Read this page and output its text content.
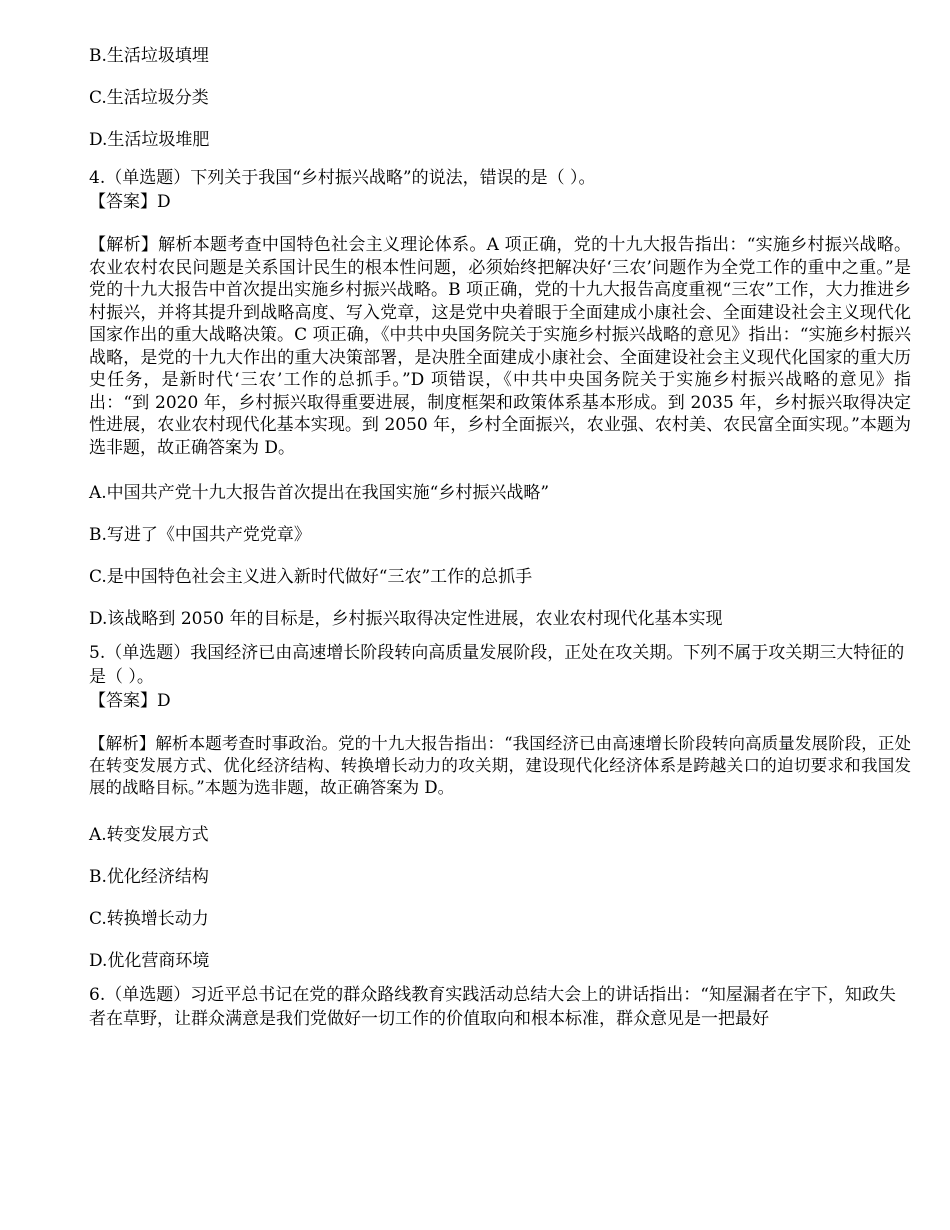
B.生活垃圾填埋

C.生活垃圾分类

D.生活垃圾堆肥

4.（单选题）下列关于我国“乡村振兴战略”的说法，错误的是（ ）。

【答案】D

【解析】解析本题考查中国特色社会主义理论体系。A 项正确，党的十九大报告指出：“实施乡村振兴战略。农业农村农民问题是关系国计民生的根本性问题，必须始终把解决好‘三农’问题作为全党工作的重中之重。”是党的十九大报告中首次提出实施乡村振兴战略。B 项正确，党的十九大报告高度重视“三农”工作，大力推进乡村振兴，并将其提升到战略高度、写入党章，这是党中央着眼于全面建成小康社会、全面建设社会主义现代化国家作出的重大战略决策。C 项正确，《中共中央国务院关于实施乡村振兴战略的意见》指出：“实施乡村振兴战略，是党的十九大作出的重大决策部署，是决胜全面建成小康社会、全面建设社会主义现代化国家的重大历史任务，是新时代‘三农’工作的总抓手。”D 项错误，《中共中央国务院关于实施乡村振兴战略的意见》指出：“到 2020 年，乡村振兴取得重要进展，制度框架和政策体系基本形成。到 2035 年，乡村振兴取得决定性进展，农业农村现代化基本实现。到 2050 年，乡村全面振兴，农业强、农村美、农民富全面实现。”本题为选非题，故正确答案为 D。

A.中国共产党十九大报告首次提出在我国实施“乡村振兴战略”

B.写进了《中国共产党党章》

C.是中国特色社会主义进入新时代做好“三农”工作的总抓手

D.该战略到 2050 年的目标是，乡村振兴取得决定性进展，农业农村现代化基本实现

5.（单选题）我国经济已由高速增长阶段转向高质量发展阶段，正处在攻关期。下列不属于攻关期三大特征的是（ ）。

【答案】D

【解析】解析本题考查时事政治。党的十九大报告指出：“我国经济已由高速增长阶段转向高质量发展阶段，正处在转变发展方式、优化经济结构、转换增长动力的攻关期，建设现代化经济体系是跨越关口的迫切要求和我国发展的战略目标。”本题为选非题，故正确答案为 D。

A.转变发展方式

B.优化经济结构

C.转换增长动力

D.优化营商环境

6.（单选题）习近平总书记在党的群众路线教育实践活动总结大会上的讲话指出：“知屋漏者在宇下，知政失者在草野，让群众满意是我们党做好一切工作的价值取向和根本标准，群众意见是一把最好
